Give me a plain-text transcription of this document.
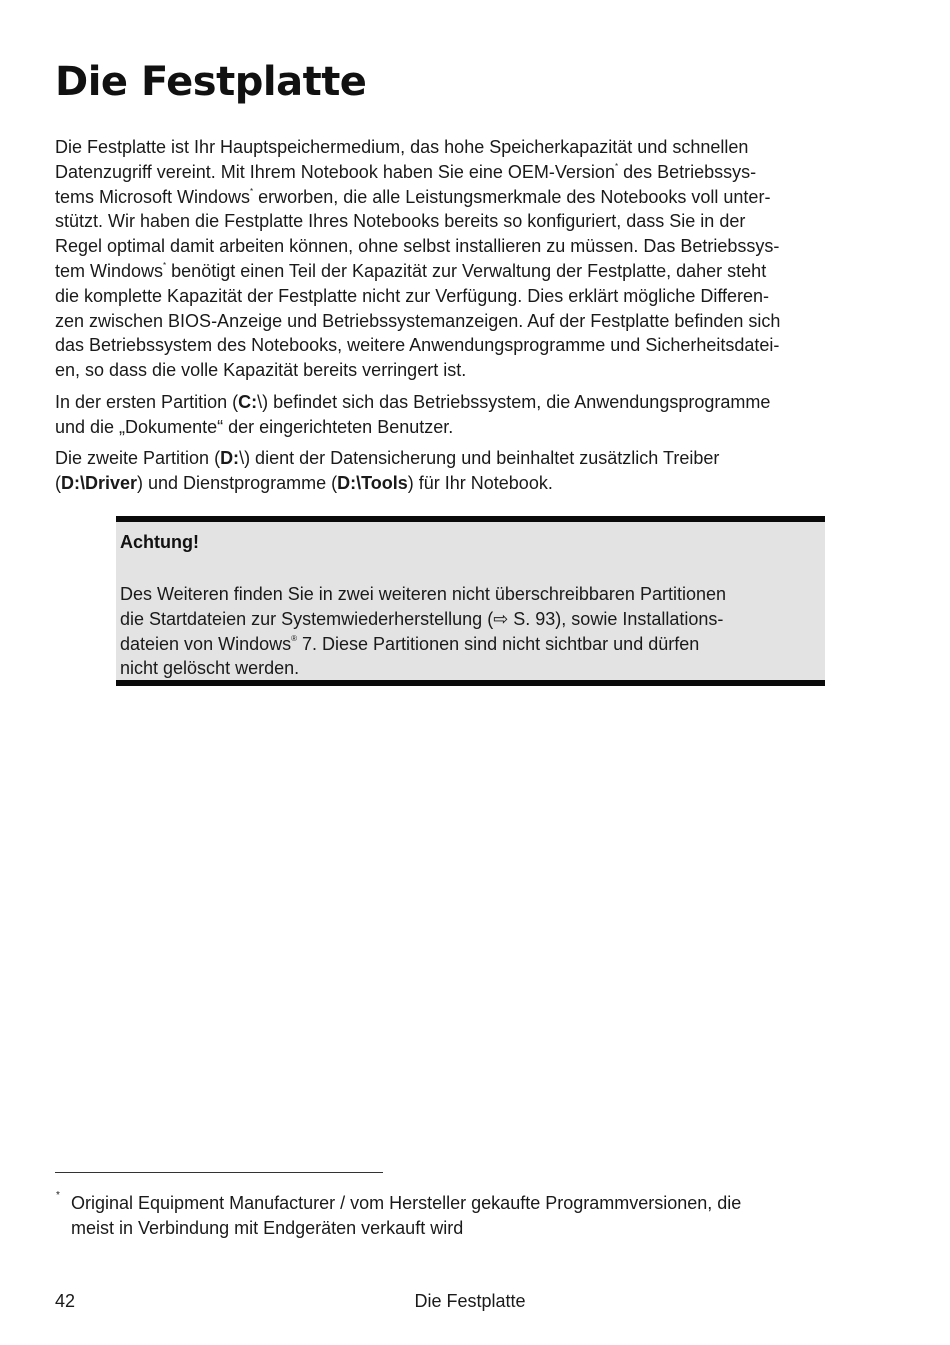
Die Festplatte

Die Festplatte ist Ihr Hauptspeichermedium, das hohe Speicherkapazität und schnellen

Datenzugriff vereint. Mit Ihrem Notebook haben Sie eine OEM-Version* des Betriebssys-

tems Microsoft Windows* erworben, die alle Leistungsmerkmale des Notebooks voll unter-

stützt. Wir haben die Festplatte Ihres Notebooks bereits so konfiguriert, dass Sie in der

Regel optimal damit arbeiten können, ohne selbst installieren zu müssen. Das Betriebssys-

tem Windows* benötigt einen Teil der Kapazität zur Verwaltung der Festplatte, daher steht

die komplette Kapazität der Festplatte nicht zur Verfügung. Dies erklärt mögliche Differen-

zen zwischen BIOS-Anzeige und Betriebssystemanzeigen. Auf der Festplatte befinden sich

das Betriebssystem des Notebooks, weitere Anwendungsprogramme und Sicherheitsdatei-

en, so dass die volle Kapazität bereits verringert ist.

In der ersten Partition (C:\) befindet sich das Betriebssystem, die Anwendungsprogramme

und die „Dokumente“ der eingerichteten Benutzer.

Die zweite Partition (D:\) dient der Datensicherung und beinhaltet zusätzlich Treiber

(D:\Driver) und Dienstprogramme (D:\Tools) für Ihr Notebook.

Achtung!

Des Weiteren finden Sie in zwei weiteren nicht überschreibbaren Partitionen

die Startdateien zur Systemwiederherstellung (⇨ S. 93), sowie Installations-

dateien von Windows® 7. Diese Partitionen sind nicht sichtbar und dürfen

nicht gelöscht werden.

* Original Equipment Manufacturer / vom Hersteller gekaufte Programmversionen, die

meist in Verbindung mit Endgeräten verkauft wird

42	Die Festplatte
